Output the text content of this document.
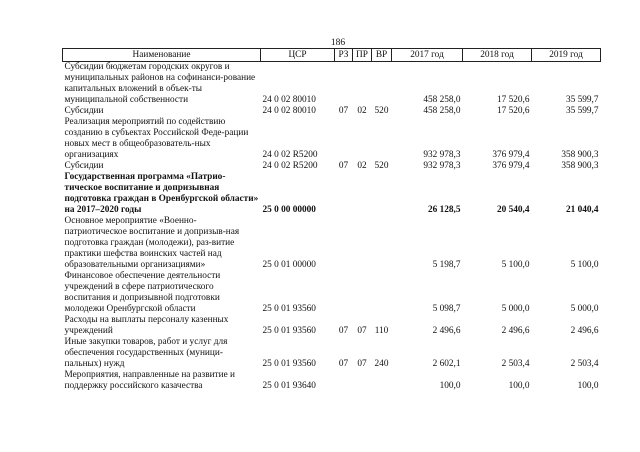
186
Наименование	ЦСР	РЗ	ПР	ВР	2017 год	2018 год	2019 год
Субсидии бюджетам городских округов и муниципальных районов на софинанси-рование капитальных вложений в объек-ты муниципальной собственности	24 0 02 80010				458 258,0	17 520,6	35 599,7
Субсидии	24 0 02 80010	07	02	520	458 258,0	17 520,6	35 599,7
Реализация мероприятий по содействию созданию в субъектах Российской Феде-рации новых мест в общеобразователь-ных организациях	24 0 02 R5200				932 978,3	376 979,4	358 900,3
Субсидии	24 0 02 R5200	07	02	520	932 978,3	376 979,4	358 900,3
Государственная программа «Патрио-тическое воспитание и допризывная подготовка граждан в Оренбургской области» на 2017–2020 годы	25 0 00 00000				26 128,5	20 540,4	21 040,4
Основное мероприятие «Военно-патриотическое воспитание и допризыв-ная подготовка граждан (молодежи), раз-витие практики шефства воинских частей над образовательными организациями»	25 0 01 00000				5 198,7	5 100,0	5 100,0
Финансовое обеспечение деятельности учреждений в сфере патриотического воспитания и допризывной подготовки молодежи Оренбургской области	25 0 01 93560				5 098,7	5 000,0	5 000,0
Расходы на выплаты персоналу казенных учреждений	25 0 01 93560	07	07	110	2 496,6	2 496,6	2 496,6
Иные закупки товаров, работ и услуг для обеспечения государственных (муници-пальных) нужд	25 0 01 93560	07	07	240	2 602,1	2 503,4	2 503,4
Мероприятия, направленные на развитие и поддержку российского казачества	25 0 01 93640				100,0	100,0	100,0
